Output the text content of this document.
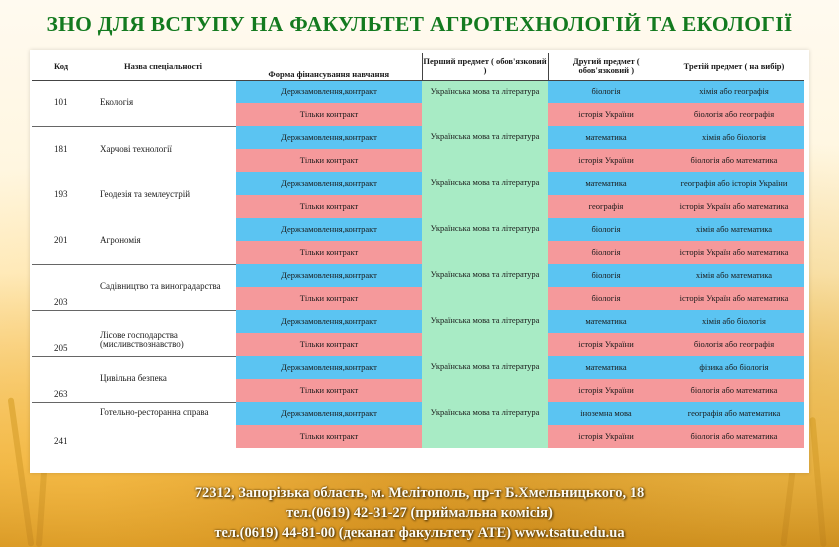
ЗНО ДЛЯ ВСТУПУ НА ФАКУЛЬТЕТ АГРОТЕХНОЛОГІЙ ТА ЕКОЛОГІЇ
Код	Назва спеціальності	Форма фінансування навчання	Перший предмет ( обов'язковий )	Другий предмет ( обов'язковий )	Третій предмет ( на вибір)
101	Екологія	Держзамовлення,контракт	Українська мова та література	біологія	хімія або географія
		Тільки контракт		історія України	біологія або географія
181	Харчові технології	Держзамовлення,контракт	Українська мова та література	математика	хімія або біологія
		Тільки контракт		історія України	біологія або математика
193	Геодезія та землеустрій	Держзамовлення,контракт	Українська мова та література	математика	географія або історія України
		Тільки контракт		географія	історія Україн або математика
201	Агрономія	Держзамовлення,контракт	Українська мова та література	біологія	хімія або математика
		Тільки контракт		біологія	історія Україн або математика
203	Садівництво та виноградарства	Держзамовлення,контракт	Українська мова та література	біологія	хімія або математика
		Тільки контракт		біологія	історія Україн або математика
205	Лісове господарства (мисливствознавство)	Держзамовлення,контракт	Українська мова та література	математика	хімія або біологія
		Тільки контракт		історія України	біологія або географія
263	Цивільна безпека	Держзамовлення,контракт	Українська мова та література	математика	фізика або біологія
		Тільки контракт		історія України	біологія або математика
241	Готельно-ресторанна справа	Держзамовлення,контракт	Українська мова та література	іноземна мова	географія або математика
		Тільки контракт		історія України	біологія або математика
72312, Запорізька область, м. Мелітополь, пр-т Б.Хмельницького, 18
тел.(0619) 42-31-27 (приймальна комісія)
тел.(0619) 44-81-00 (деканат факультету АТЕ) www.tsatu.edu.ua
